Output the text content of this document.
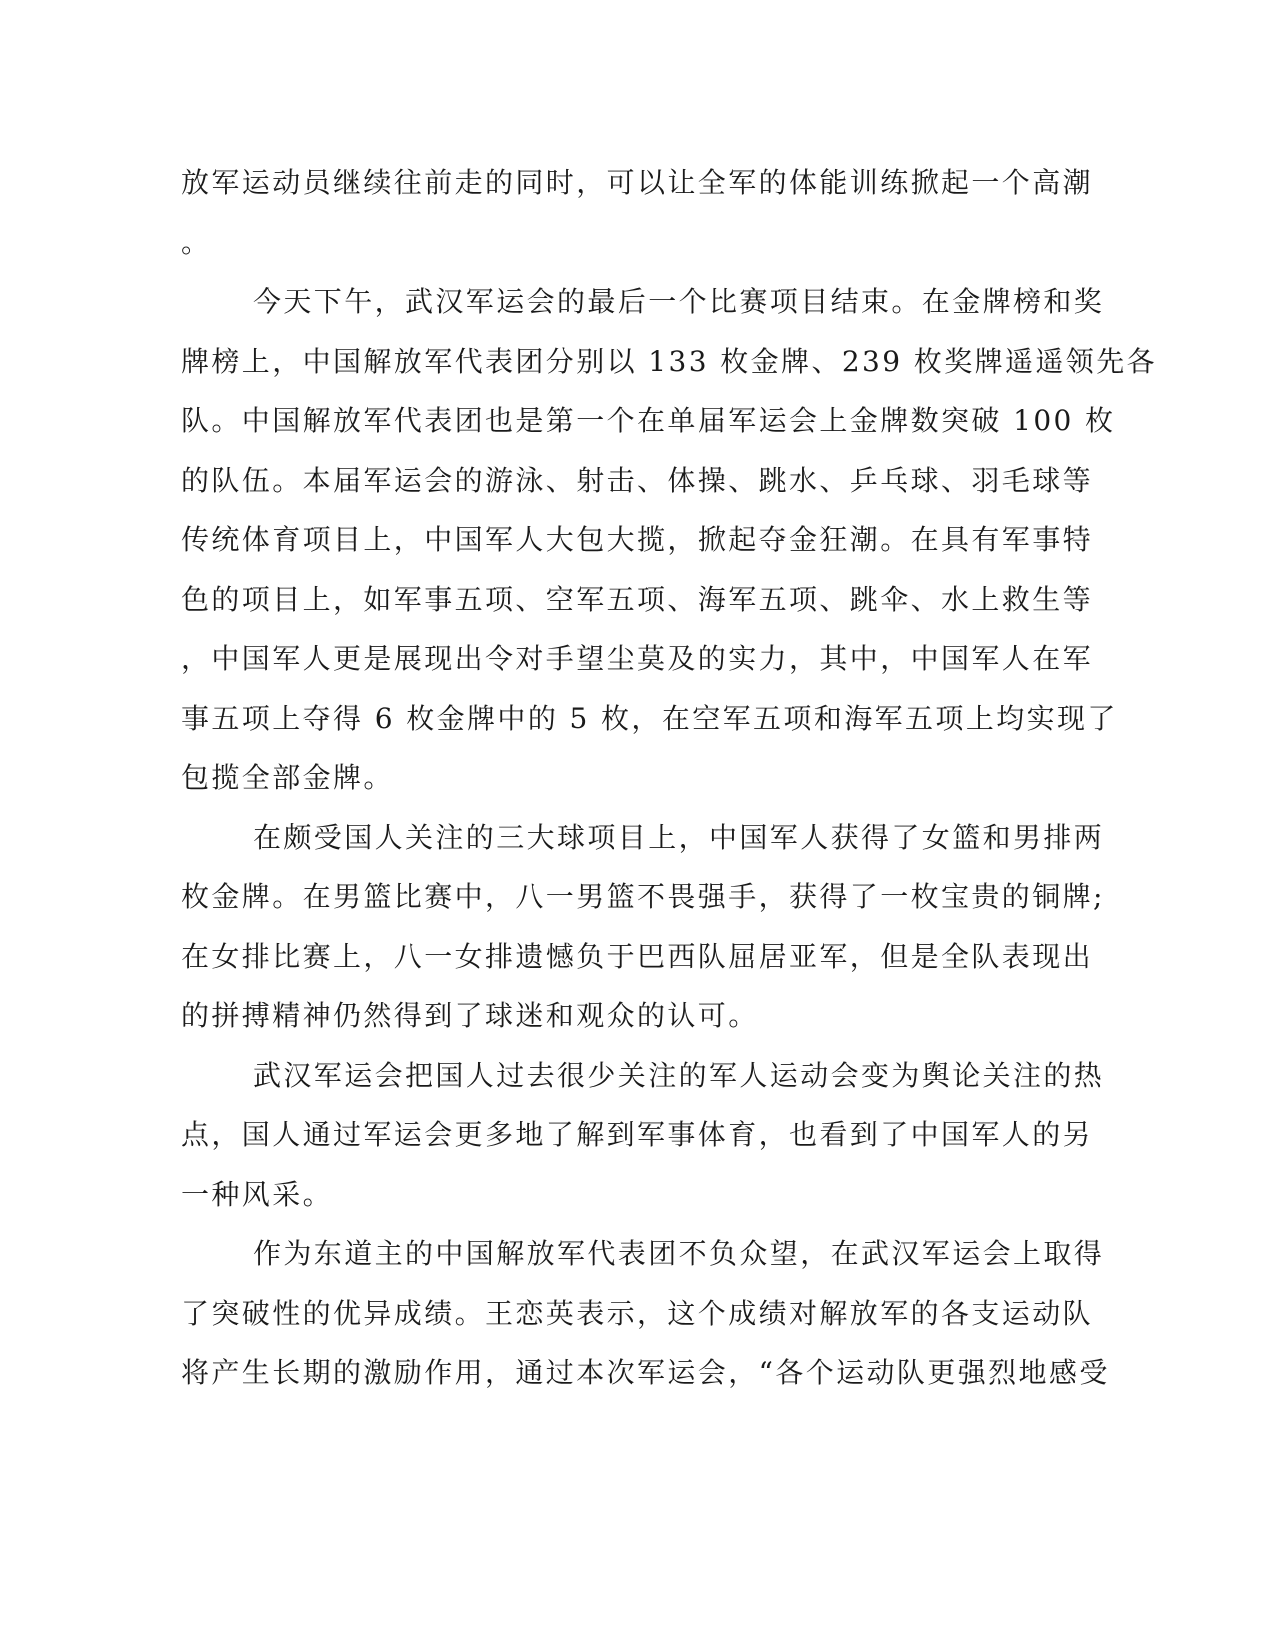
放军运动员继续往前走的同时，可以让全军的体能训练掀起一个高潮
。
今天下午，武汉军运会的最后一个比赛项目结束。在金牌榜和奖
牌榜上，中国解放军代表团分别以 133 枚金牌、239 枚奖牌遥遥领先各
队。中国解放军代表团也是第一个在单届军运会上金牌数突破 100 枚
的队伍。本届军运会的游泳、射击、体操、跳水、乒乓球、羽毛球等
传统体育项目上，中国军人大包大揽，掀起夺金狂潮。在具有军事特
色的项目上，如军事五项、空军五项、海军五项、跳伞、水上救生等
，中国军人更是展现出令对手望尘莫及的实力，其中，中国军人在军
事五项上夺得 6 枚金牌中的 5 枚，在空军五项和海军五项上均实现了
包揽全部金牌。
在颇受国人关注的三大球项目上，中国军人获得了女篮和男排两
枚金牌。在男篮比赛中，八一男篮不畏强手，获得了一枚宝贵的铜牌;
在女排比赛上，八一女排遗憾负于巴西队屈居亚军，但是全队表现出
的拼搏精神仍然得到了球迷和观众的认可。
武汉军运会把国人过去很少关注的军人运动会变为舆论关注的热
点，国人通过军运会更多地了解到军事体育，也看到了中国军人的另
一种风采。
作为东道主的中国解放军代表团不负众望，在武汉军运会上取得
了突破性的优异成绩。王恋英表示，这个成绩对解放军的各支运动队
将产生长期的激励作用，通过本次军运会，“各个运动队更强烈地感受
